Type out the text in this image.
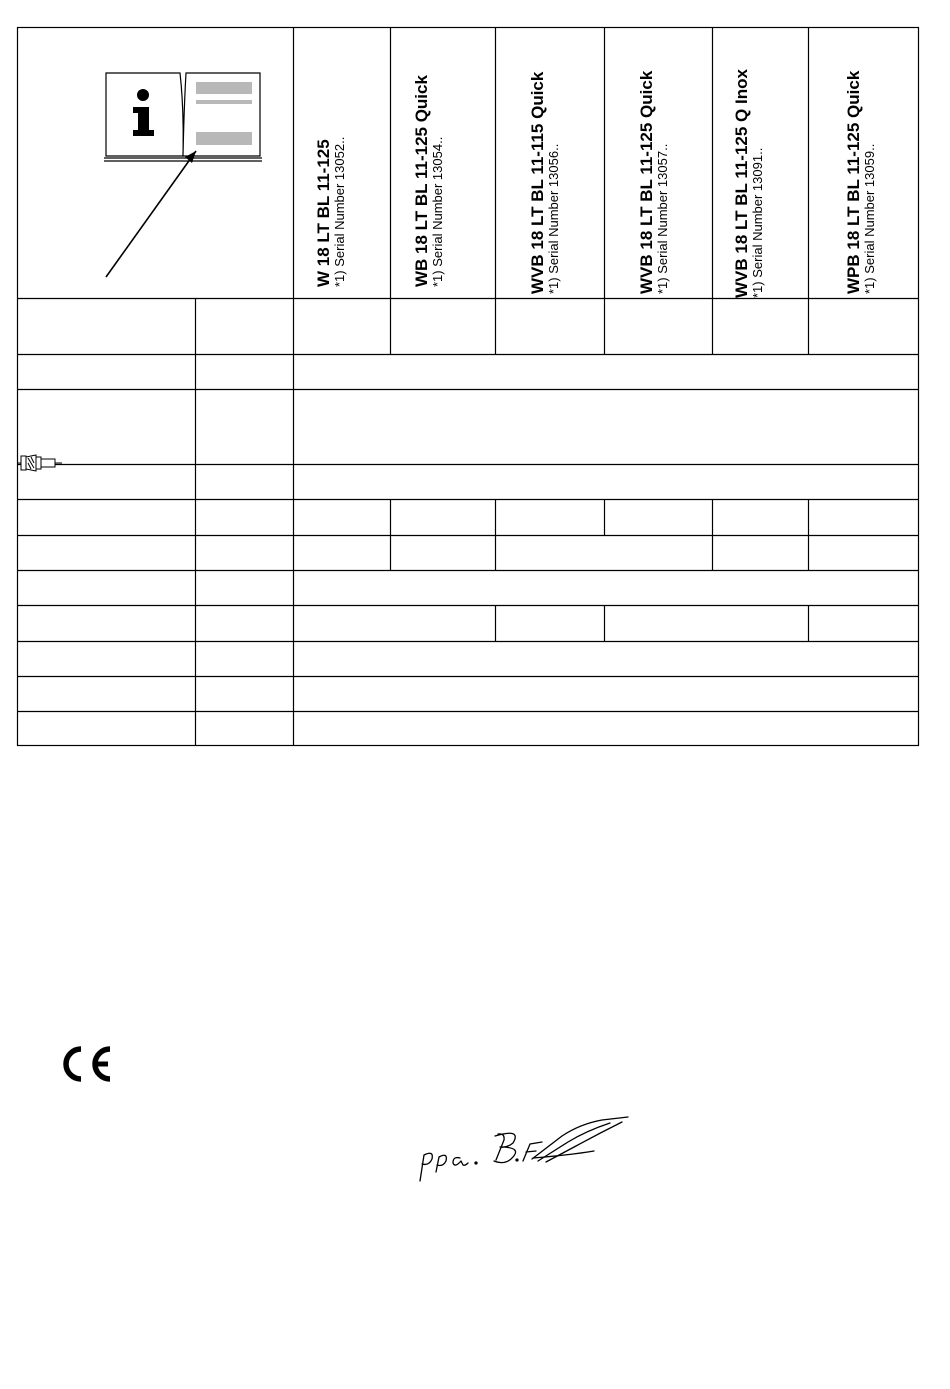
W 18 LT BL 11-125 *1) Serial Number 13052..	WB 18 LT BL 11-125 Quick *1) Serial Number 13054..	WVB 18 LT BL 11-115 Quick *1) Serial Number 13056..	WVB 18 LT BL 11-125 Quick *1) Serial Number 13057..	WVB 18 LT BL 11-125 Q Inox *1) Serial Number 13091..	WPB 18 LT BL 11-125 Quick *1) Serial Number 13059..
